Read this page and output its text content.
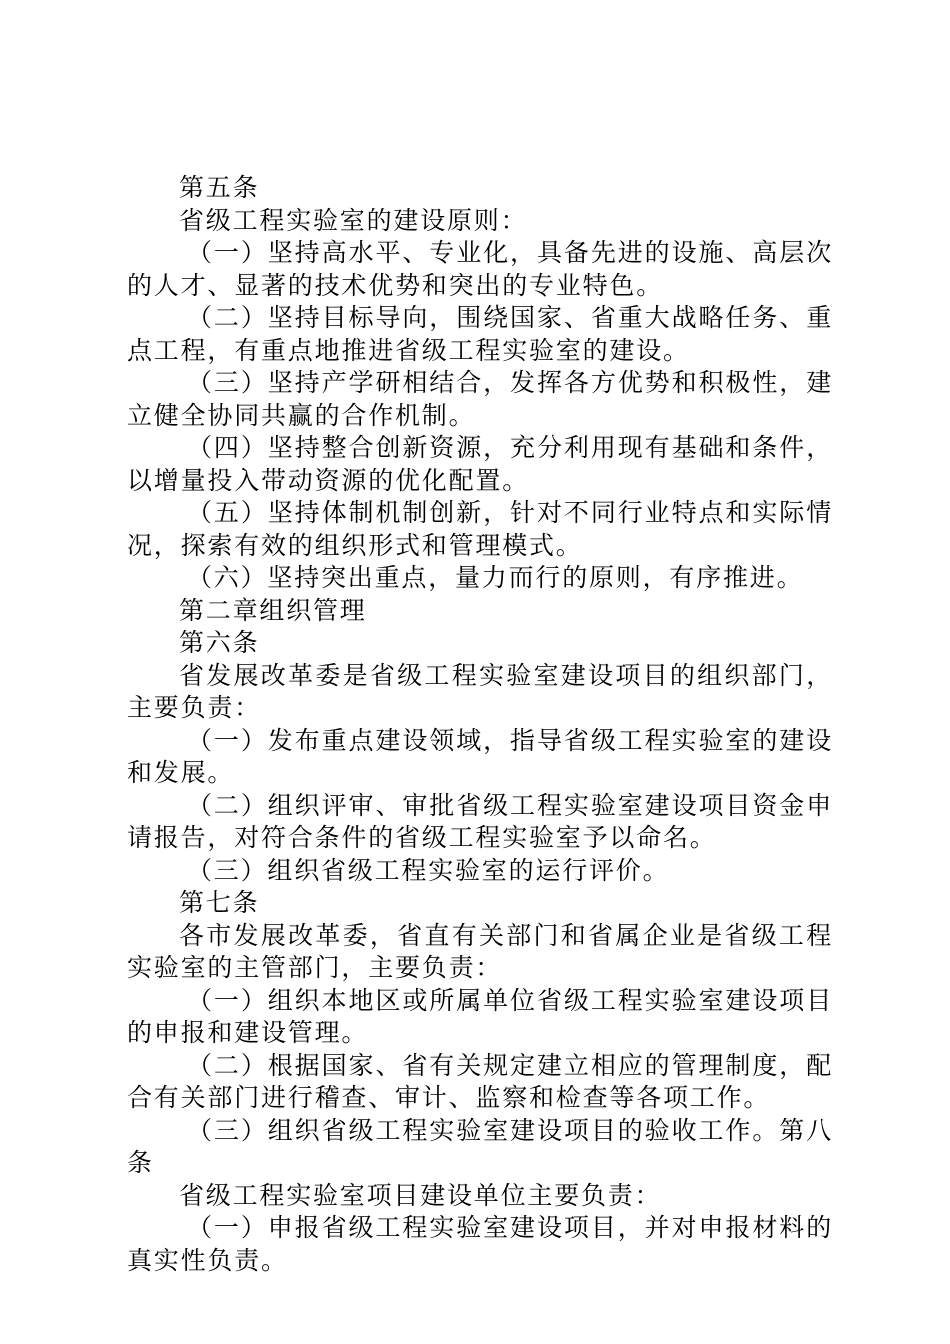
第五条

省级工程实验室的建设原则：

（一）坚持高水平、专业化，具备先进的设施、高层次的人才、显著的技术优势和突出的专业特色。

（二）坚持目标导向，围绕国家、省重大战略任务、重点工程，有重点地推进省级工程实验室的建设。

（三）坚持产学研相结合，发挥各方优势和积极性，建立健全协同共赢的合作机制。

（四）坚持整合创新资源，充分利用现有基础和条件，以增量投入带动资源的优化配置。

（五）坚持体制机制创新，针对不同行业特点和实际情况，探索有效的组织形式和管理模式。

（六）坚持突出重点，量力而行的原则，有序推进。

第二章组织管理

第六条

省发展改革委是省级工程实验室建设项目的组织部门，主要负责：

（一）发布重点建设领域，指导省级工程实验室的建设和发展。

（二）组织评审、审批省级工程实验室建设项目资金申请报告，对符合条件的省级工程实验室予以命名。

（三）组织省级工程实验室的运行评价。

第七条

各市发展改革委，省直有关部门和省属企业是省级工程实验室的主管部门，主要负责：

（一）组织本地区或所属单位省级工程实验室建设项目的申报和建设管理。

（二）根据国家、省有关规定建立相应的管理制度，配合有关部门进行稽查、审计、监察和检查等各项工作。

（三）组织省级工程实验室建设项目的验收工作。第八条

省级工程实验室项目建设单位主要负责：

（一）申报省级工程实验室建设项目，并对申报材料的真实性负责。
